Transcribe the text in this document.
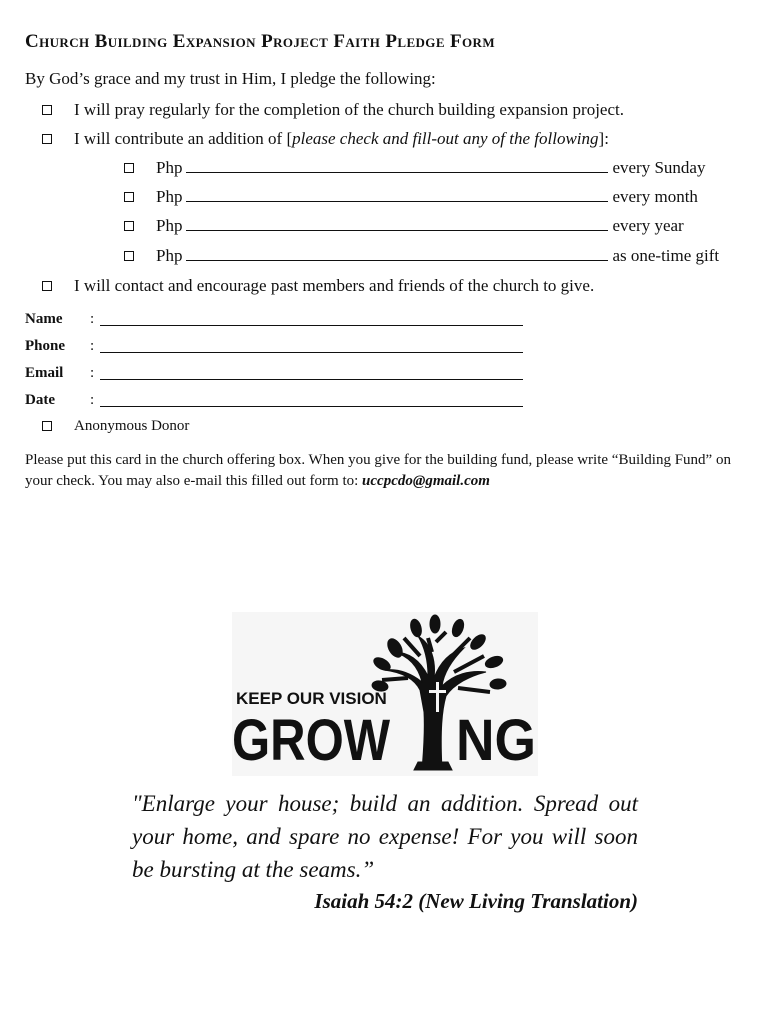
Church Building Expansion Project Faith Pledge Form
By God’s grace and my trust in Him, I pledge the following:
I will pray regularly for the completion of the church building expansion project.
I will contribute an addition of [please check and fill-out any of the following]:
Php	every Sunday
Php	every month
Php	every year
Php	as one-time gift
I will contact and encourage past members and friends of the church to give.
Name :
Phone :
Email :
Date :
Anonymous Donor
Please put this card in the church offering box. When you give for the building fund, please write “Building Fund” on your check. You may also e-mail this filled out form to: uccpcdo@gmail.com
KEEP OUR VISION
GROW NG
"Enlarge your house; build an addition. Spread out your home, and spare no expense! For you will soon be bursting at the seams.”
Isaiah 54:2 (New Living Translation)
